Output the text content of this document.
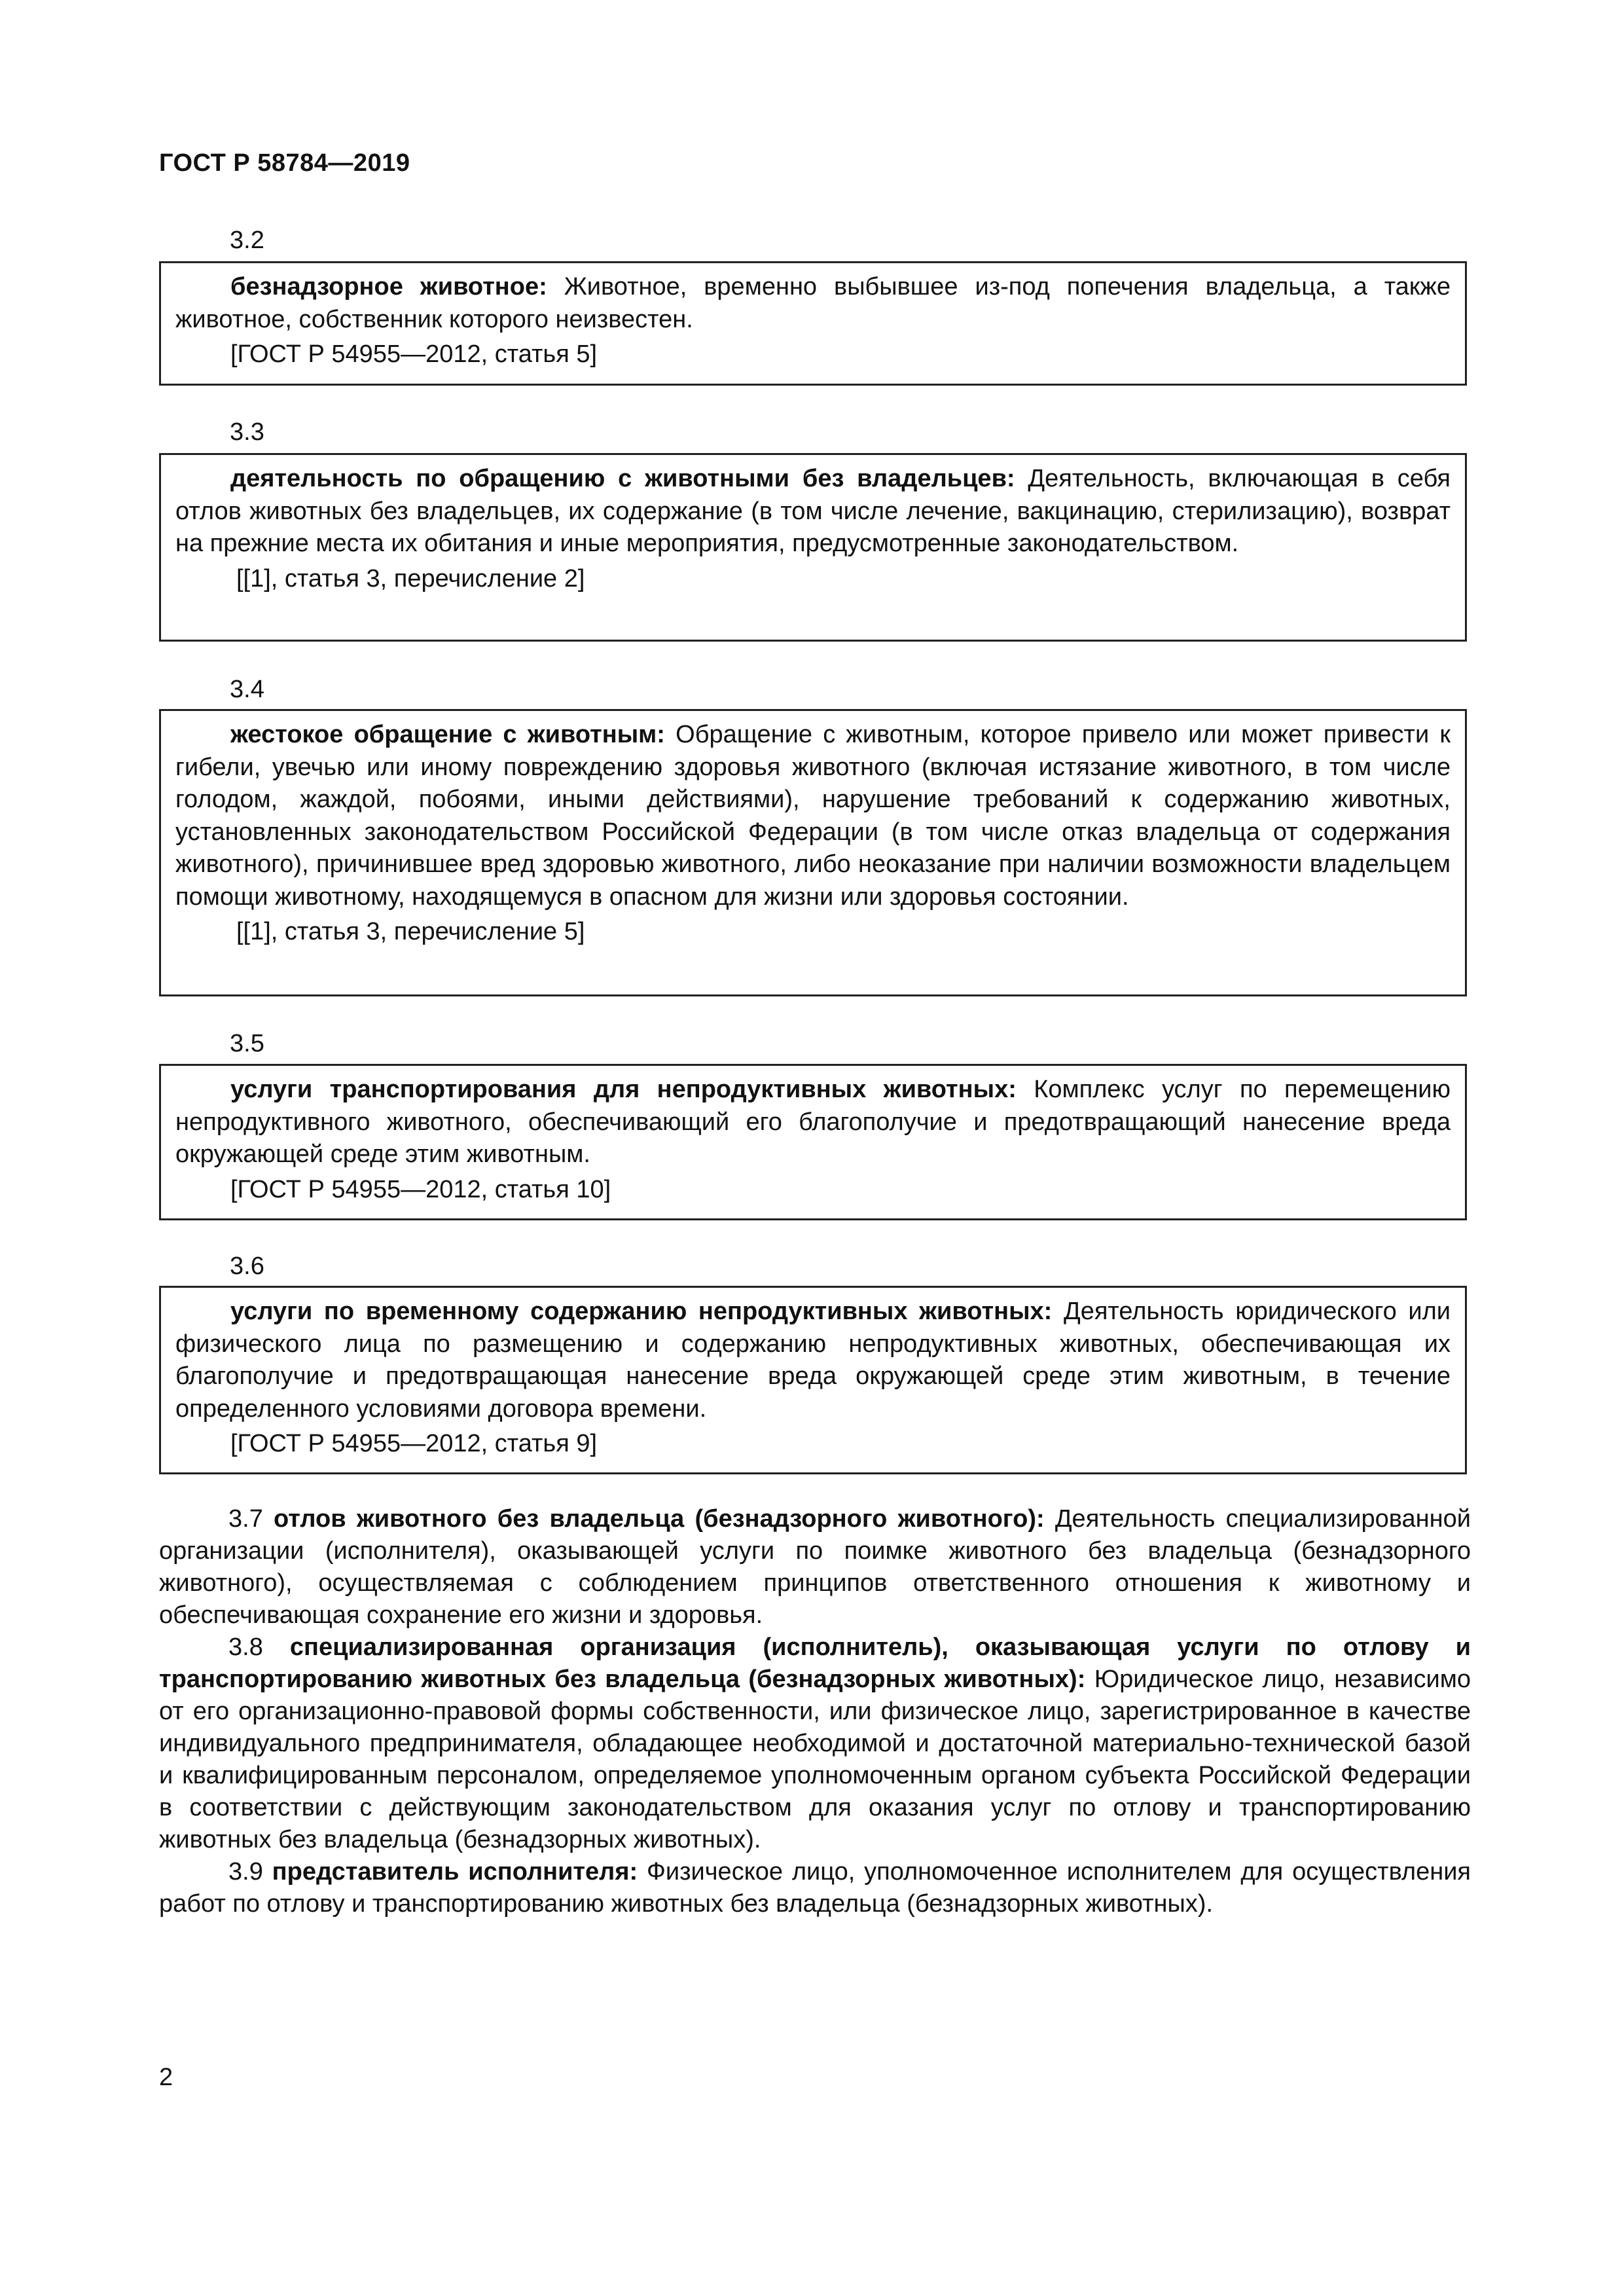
ГОСТ Р 58784—2019
3.2

безнадзорное животное: Животное, временно выбывшее из-под попечения владельца, а также животное, собственник которого неизвестен.

[ГОСТ Р 54955—2012, статья 5]

3.3

деятельность по обращению с животными без владельцев: Деятельность, включающая в себя отлов животных без владельцев, их содержание (в том числе лечение, вакцинацию, стерилизацию), возврат на прежние места их обитания и иные мероприятия, предусмотренные законодательством.

[[1], статья 3, перечисление 2]

3.4

жестокое обращение с животным: Обращение с животным, которое привело или может привести к гибели, увечью или иному повреждению здоровья животного (включая истязание животного, в том числе голодом, жаждой, побоями, иными действиями), нарушение требований к содержанию животных, установленных законодательством Российской Федерации (в том числе отказ владельца от содержания животного), причинившее вред здоровью животного, либо неоказание при наличии возможности владельцем помощи животному, находящемуся в опасном для жизни или здоровья состоянии.

[[1], статья 3, перечисление 5]

3.5

услуги транспортирования для непродуктивных животных: Комплекс услуг по перемещению непродуктивного животного, обеспечивающий его благополучие и предотвращающий нанесение вреда окружающей среде этим животным.

[ГОСТ Р 54955—2012, статья 10]

3.6

услуги по временному содержанию непродуктивных животных: Деятельность юридического или физического лица по размещению и содержанию непродуктивных животных, обеспечивающая их благополучие и предотвращающая нанесение вреда окружающей среде этим животным, в течение определенного условиями договора времени.

[ГОСТ Р 54955—2012, статья 9]

3.7 отлов животного без владельца (безнадзорного животного): Деятельность специализированной организации (исполнителя), оказывающей услуги по поимке животного без владельца (безнадзорного животного), осуществляемая с соблюдением принципов ответственного отношения к животному и обеспечивающая сохранение его жизни и здоровья.

3.8 специализированная организация (исполнитель), оказывающая услуги по отлову и транспортированию животных без владельца (безнадзорных животных): Юридическое лицо, независимо от его организационно-правовой формы собственности, или физическое лицо, зарегистрированное в качестве индивидуального предпринимателя, обладающее необходимой и достаточной материально-технической базой и квалифицированным персоналом, определяемое уполномоченным органом субъекта Российской Федерации в соответствии с действующим законодательством для оказания услуг по отлову и транспортированию животных без владельца (безнадзорных животных).

3.9 представитель исполнителя: Физическое лицо, уполномоченное исполнителем для осуществления работ по отлову и транспортированию животных без владельца (безнадзорных животных).

2
